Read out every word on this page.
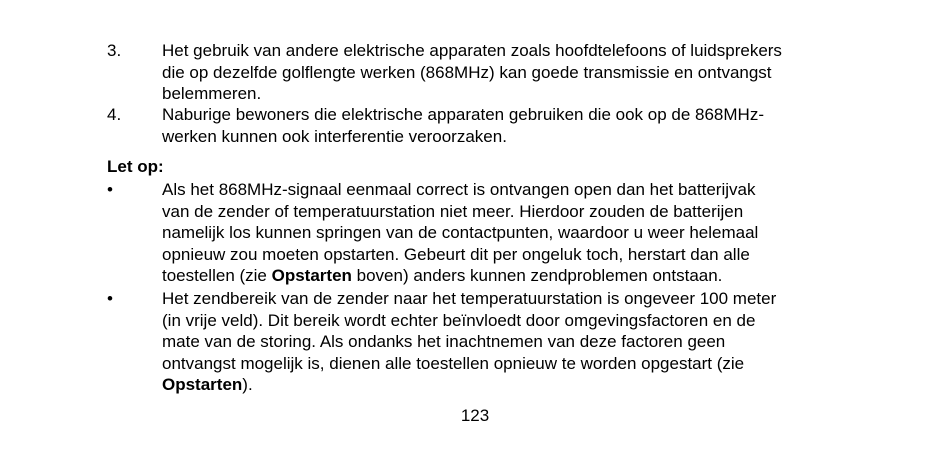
3. Het gebruik van andere elektrische apparaten zoals hoofdtelefoons of luidsprekers
die op dezelfde golflengte werken (868MHz) kan goede transmissie en ontvangst
belemmeren.
4. Naburige bewoners die elektrische apparaten gebruiken die ook op de 868MHz-
werken kunnen ook interferentie veroorzaken.
Let op:
•	Als het 868MHz-signaal eenmaal correct is ontvangen open dan het batterijvak
van de zender of temperatuurstation niet meer. Hierdoor zouden de batterijen
namelijk los kunnen springen van de contactpunten, waardoor u weer helemaal
opnieuw zou moeten opstarten. Gebeurt dit per ongeluk toch, herstart dan alle
toestellen (zie Opstarten boven) anders kunnen zendproblemen ontstaan.
•	Het zendbereik van de zender naar het temperatuurstation is ongeveer 100 meter
(in vrije veld). Dit bereik wordt echter beïnvloedt door omgevingsfactoren en de
mate van de storing. Als ondanks het inachtnemen van deze factoren geen
ontvangst mogelijk is, dienen alle toestellen opnieuw te worden opgestart (zie
Opstarten).
123
